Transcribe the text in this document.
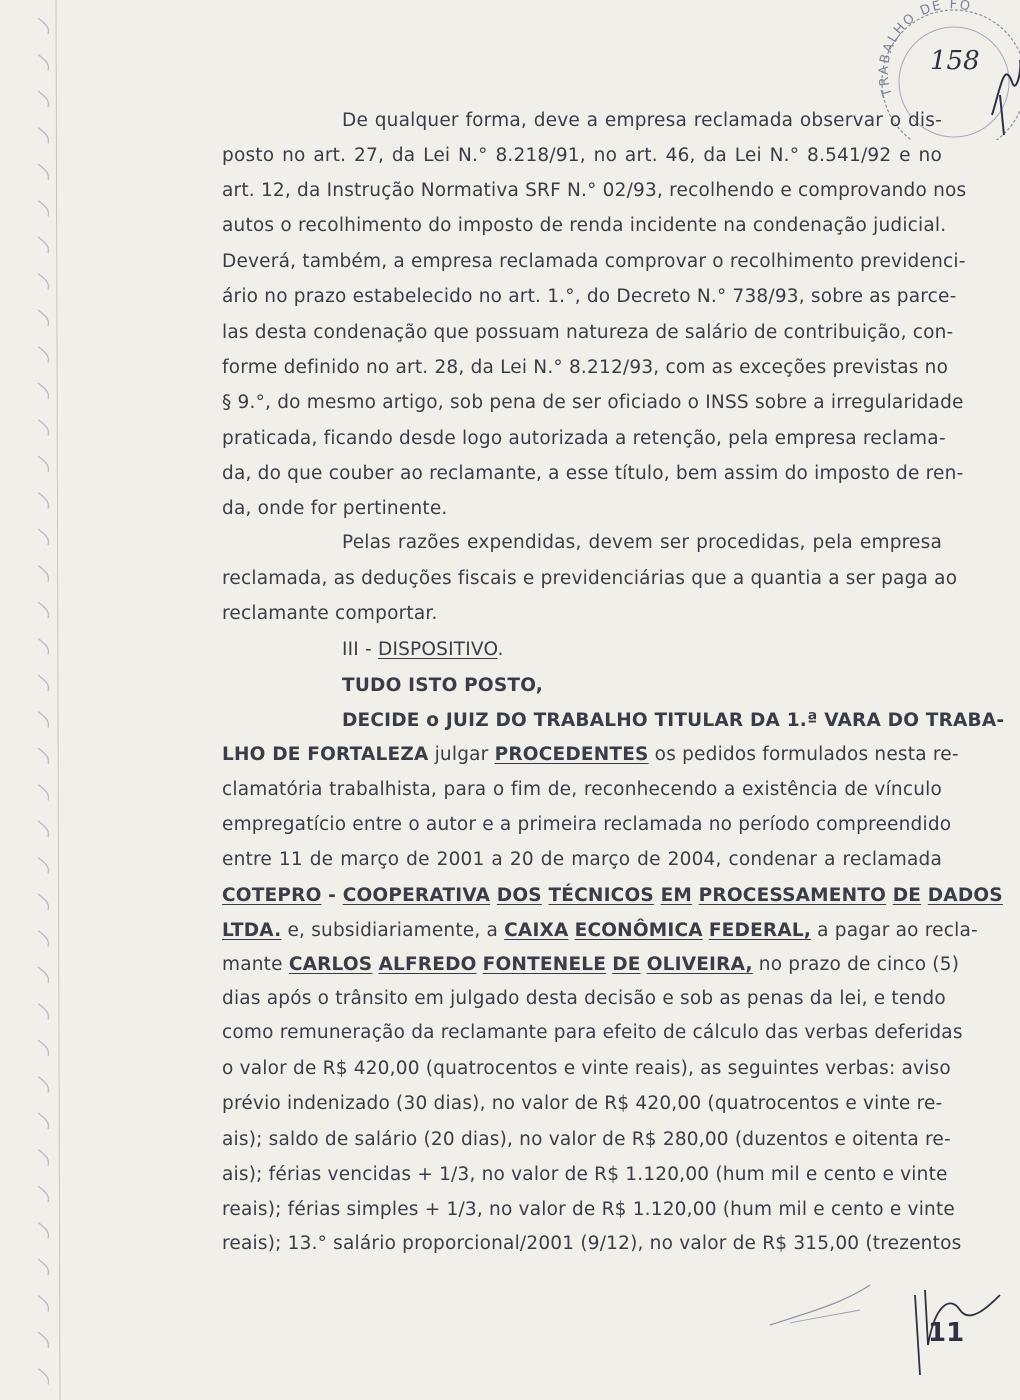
TRABALHO DE FO
158
De qualquer forma, deve a empresa reclamada observar o dis-
posto no art. 27, da Lei N.° 8.218/91, no art. 46, da Lei N.° 8.541/92 e no
art. 12, da Instrução Normativa SRF N.° 02/93, recolhendo e comprovando nos
autos o recolhimento do imposto de renda incidente na condenação judicial.
Deverá, também, a empresa reclamada comprovar o recolhimento previdenci-
ário no prazo estabelecido no art. 1.°, do Decreto N.° 738/93, sobre as parce-
las desta condenação que possuam natureza de salário de contribuição, con-
forme definido no art. 28, da Lei N.° 8.212/93, com as exceções previstas no
§ 9.°, do mesmo artigo, sob pena de ser oficiado o INSS sobre a irregularidade
praticada, ficando desde logo autorizada a retenção, pela empresa reclama-
da, do que couber ao reclamante, a esse título, bem assim do imposto de ren-
da, onde for pertinente.
Pelas razões expendidas, devem ser procedidas, pela empresa
reclamada, as deduções fiscais e previdenciárias que a quantia a ser paga ao
reclamante comportar.
III - DISPOSITIVO.
TUDO ISTO POSTO,
DECIDE o JUIZ DO TRABALHO TITULAR DA 1.ª VARA DO TRABA-
LHO DE FORTALEZA julgar PROCEDENTES os pedidos formulados nesta re-
clamatória trabalhista, para o fim de, reconhecendo a existência de vínculo
empregatício entre o autor e a primeira reclamada no período compreendido
entre 11 de março de 2001 a 20 de março de 2004, condenar a reclamada
COTEPRO - COOPERATIVA DOS TÉCNICOS EM PROCESSAMENTO DE DADOS
LTDA. e, subsidiariamente, a CAIXA ECONÔMICA FEDERAL, a pagar ao recla-
mante CARLOS ALFREDO FONTENELE DE OLIVEIRA, no prazo de cinco (5)
dias após o trânsito em julgado desta decisão e sob as penas da lei, e tendo
como remuneração da reclamante para efeito de cálculo das verbas deferidas
o valor de R$ 420,00 (quatrocentos e vinte reais), as seguintes verbas: aviso
prévio indenizado (30 dias), no valor de R$ 420,00 (quatrocentos e vinte re-
ais); saldo de salário (20 dias), no valor de R$ 280,00 (duzentos e oitenta re-
ais); férias vencidas + 1/3, no valor de R$ 1.120,00 (hum mil e cento e vinte
reais); férias simples + 1/3, no valor de R$ 1.120,00 (hum mil e cento e vinte
reais); 13.° salário proporcional/2001 (9/12), no valor de R$ 315,00 (trezentos
11
